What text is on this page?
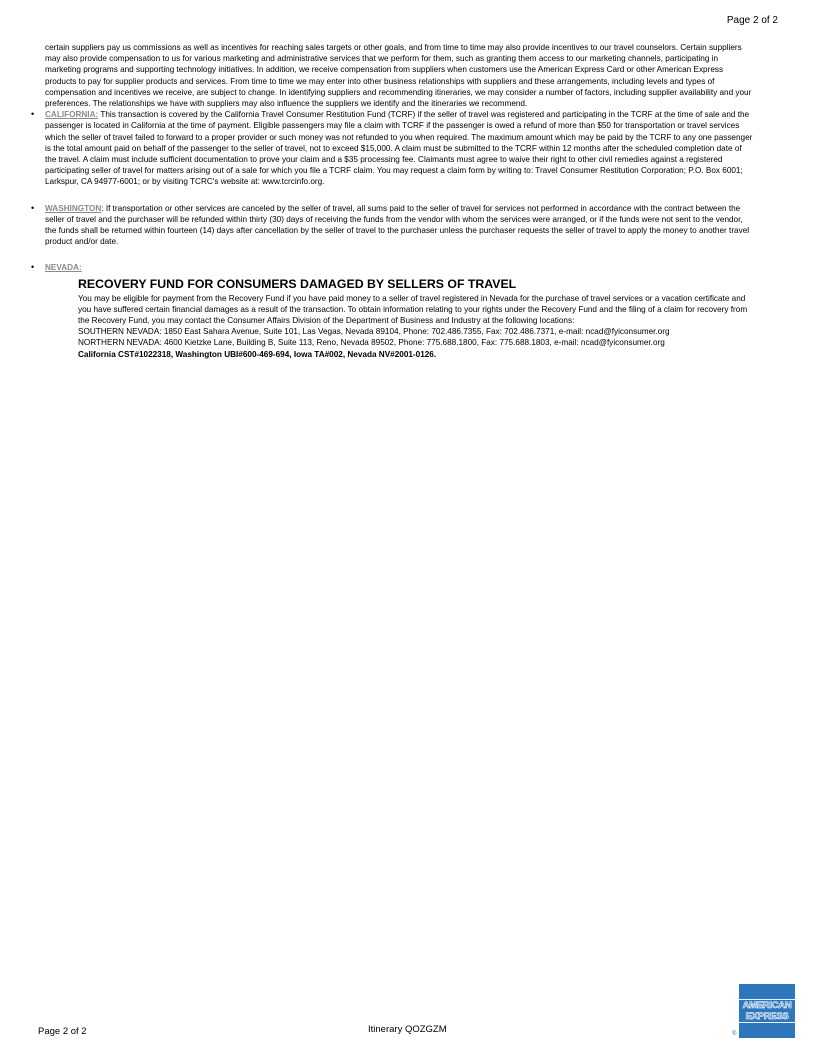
Page 2 of 2

certain suppliers pay us commissions as well as incentives for reaching sales targets or other goals, and from time to time may also provide incentives to our travel counselors. Certain suppliers may also provide compensation to us for various marketing and administrative services that we perform for them, such as granting them access to our marketing channels, participating in marketing programs and supporting technology initiatives. In addition, we receive compensation from suppliers when customers use the American Express Card or other American Express products to pay for supplier products and services. From time to time we may enter into other business relationships with suppliers and these arrangements, including levels and types of compensation and incentives we receive, are subject to change. In identifying suppliers and recommending itineraries, we may consider a number of factors, including supplier availability and your preferences. The relationships we have with suppliers may also influence the suppliers we identify and the itineraries we recommend.

• CALIFORNIA: This transaction is covered by the California Travel Consumer Restitution Fund (TCRF) if the seller of travel was registered and participating in the TCRF at the time of sale and the passenger is located in California at the time of payment. Eligible passengers may file a claim with TCRF if the passenger is owed a refund of more than $50 for transportation or travel services which the seller of travel failed to forward to a proper provider or such money was not refunded to you when required. The maximum amount which may be paid by the TCRF to any one passenger is the total amount paid on behalf of the passenger to the seller of travel, not to exceed $15,000. A claim must be submitted to the TCRF within 12 months after the scheduled completion date of the travel. A claim must include sufficient documentation to prove your claim and a $35 processing fee. Claimants must agree to waive their right to other civil remedies against a registered participating seller of travel for matters arising out of a sale for which you file a TCRF claim. You may request a claim form by writing to: Travel Consumer Restitution Corporation; P.O. Box 6001; Larkspur, CA 94977-6001; or by visiting TCRC's website at: www.tcrcinfo.org.
• WASHINGTON: If transportation or other services are canceled by the seller of travel, all sums paid to the seller of travel for services not performed in accordance with the contract between the seller of travel and the purchaser will be refunded within thirty (30) days of receiving the funds from the vendor with whom the services were arranged, or if the funds were not sent to the vendor, the funds shall be returned within fourteen (14) days after cancellation by the seller of travel to the purchaser unless the purchaser requests the seller of travel to apply the money to another travel product and/or date.
• NEVADA:
RECOVERY FUND FOR CONSUMERS DAMAGED BY SELLERS OF TRAVEL

You may be eligible for payment from the Recovery Fund if you have paid money to a seller of travel registered in Nevada for the purchase of travel services or a vacation certificate and you have suffered certain financial damages as a result of the transaction. To obtain information relating to your rights under the Recovery Fund and the filing of a claim for recovery from the Recovery Fund, you may contact the Consumer Affairs Division of the Department of Business and Industry at the following locations:

SOUTHERN NEVADA: 1850 East Sahara Avenue, Suite 101, Las Vegas, Nevada 89104, Phone: 702.486.7355, Fax: 702.486.7371, e-mail: ncad@fyiconsumer.org

NORTHERN NEVADA: 4600 Kietzke Lane, Building B, Suite 113, Reno, Nevada 89502, Phone: 775.688.1800, Fax: 775.688.1803, e-mail: ncad@fyiconsumer.org

California CST#1022318, Washington UBI#600-469-694, Iowa TA#002, Nevada NV#2001-0126.

Page 2 of 2	Itinerary QOZGZM
AMERICAN
EXPRESS
®
